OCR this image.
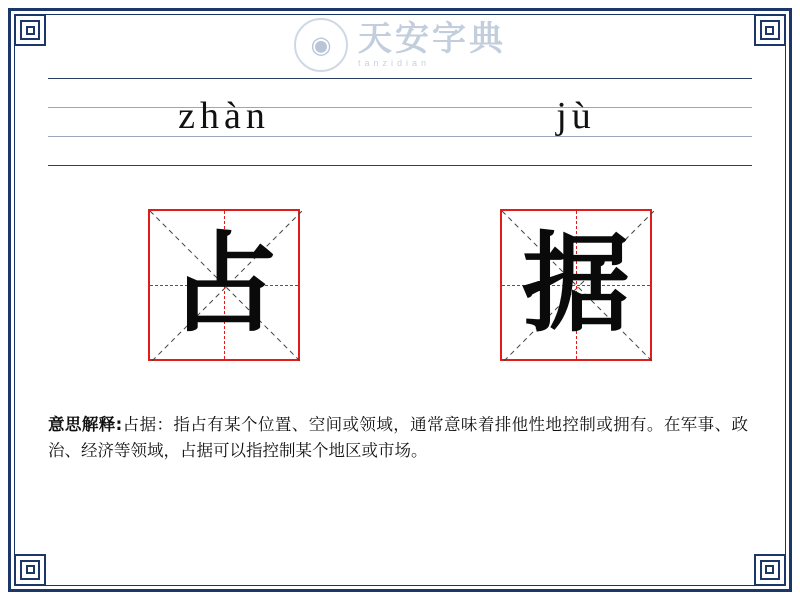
◉ 天安字典
tanzidian
zhàn	jù
占 据
意思解释:占据：指占有某个位置、空间或领域，通常意味着排他性地控制或拥有。在军事、政治、经济等领域，占据可以指控制某个地区或市场。
